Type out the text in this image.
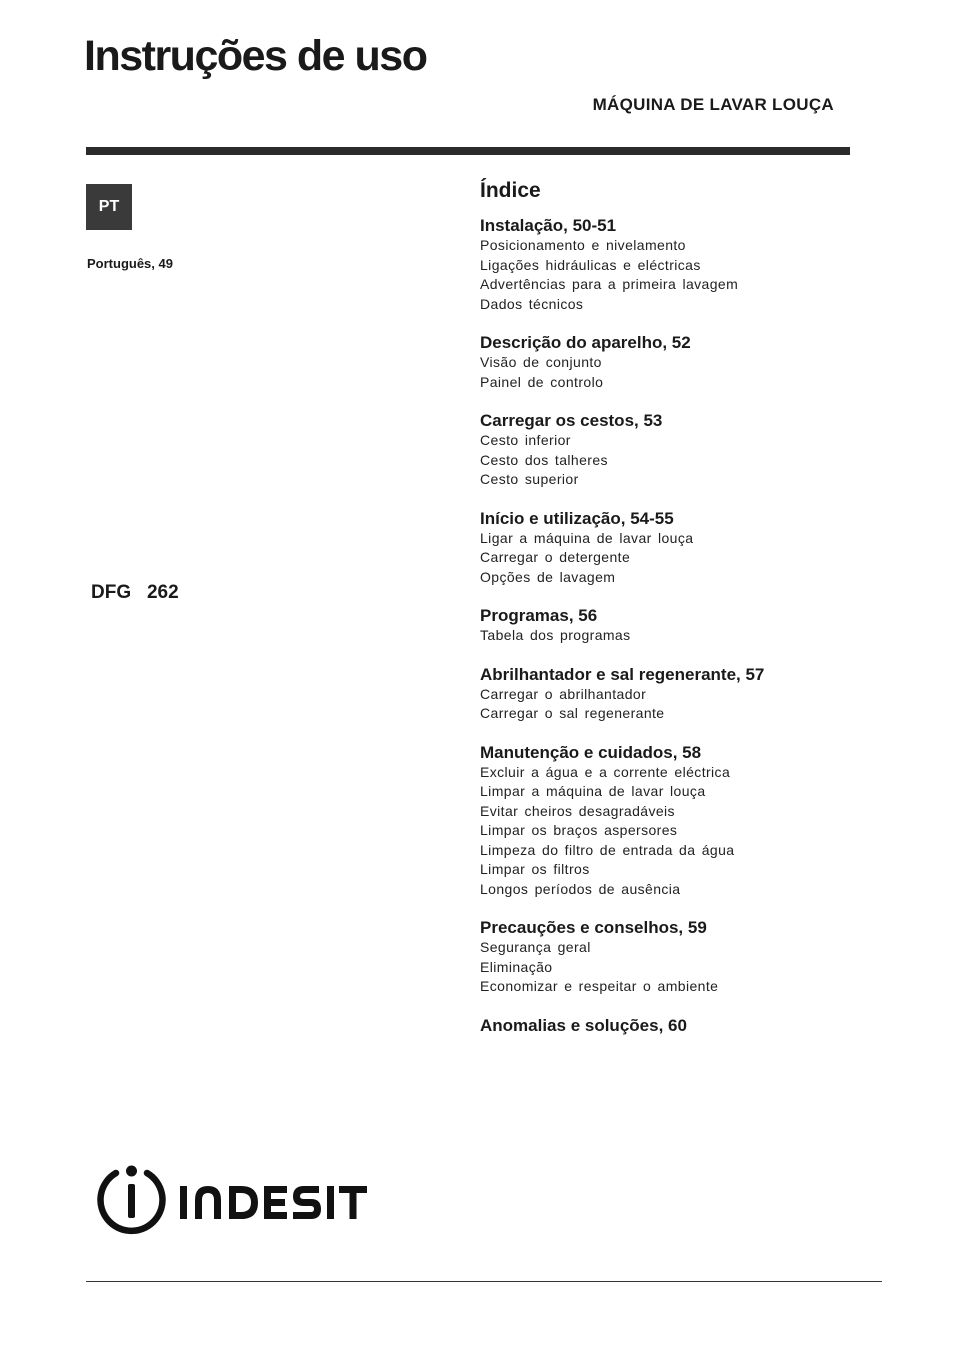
Instruções de uso
MÁQUINA DE LAVAR LOUÇA
PT
Português, 49
DFG   262
Índice
Instalação, 50-51
Posicionamento e nivelamento
Ligações hidráulicas e eléctricas
Advertências para a primeira lavagem
Dados técnicos
Descrição do aparelho, 52
Visão de conjunto
Painel de controlo
Carregar os cestos, 53
Cesto inferior
Cesto dos talheres
Cesto superior
Início e utilização, 54-55
Ligar a máquina de lavar louça
Carregar o detergente
Opções de lavagem
Programas, 56
Tabela dos programas
Abrilhantador e sal regenerante, 57
Carregar o abrilhantador
Carregar o sal regenerante
Manutenção e cuidados, 58
Excluir a água e a corrente eléctrica
Limpar a máquina de lavar louça
Evitar cheiros desagradáveis
Limpar os braços aspersores
Limpeza do filtro de entrada da água
Limpar os filtros
Longos períodos de ausência
Precauções e conselhos, 59
Segurança geral
Eliminação
Economizar e respeitar o ambiente
Anomalias e soluções, 60
